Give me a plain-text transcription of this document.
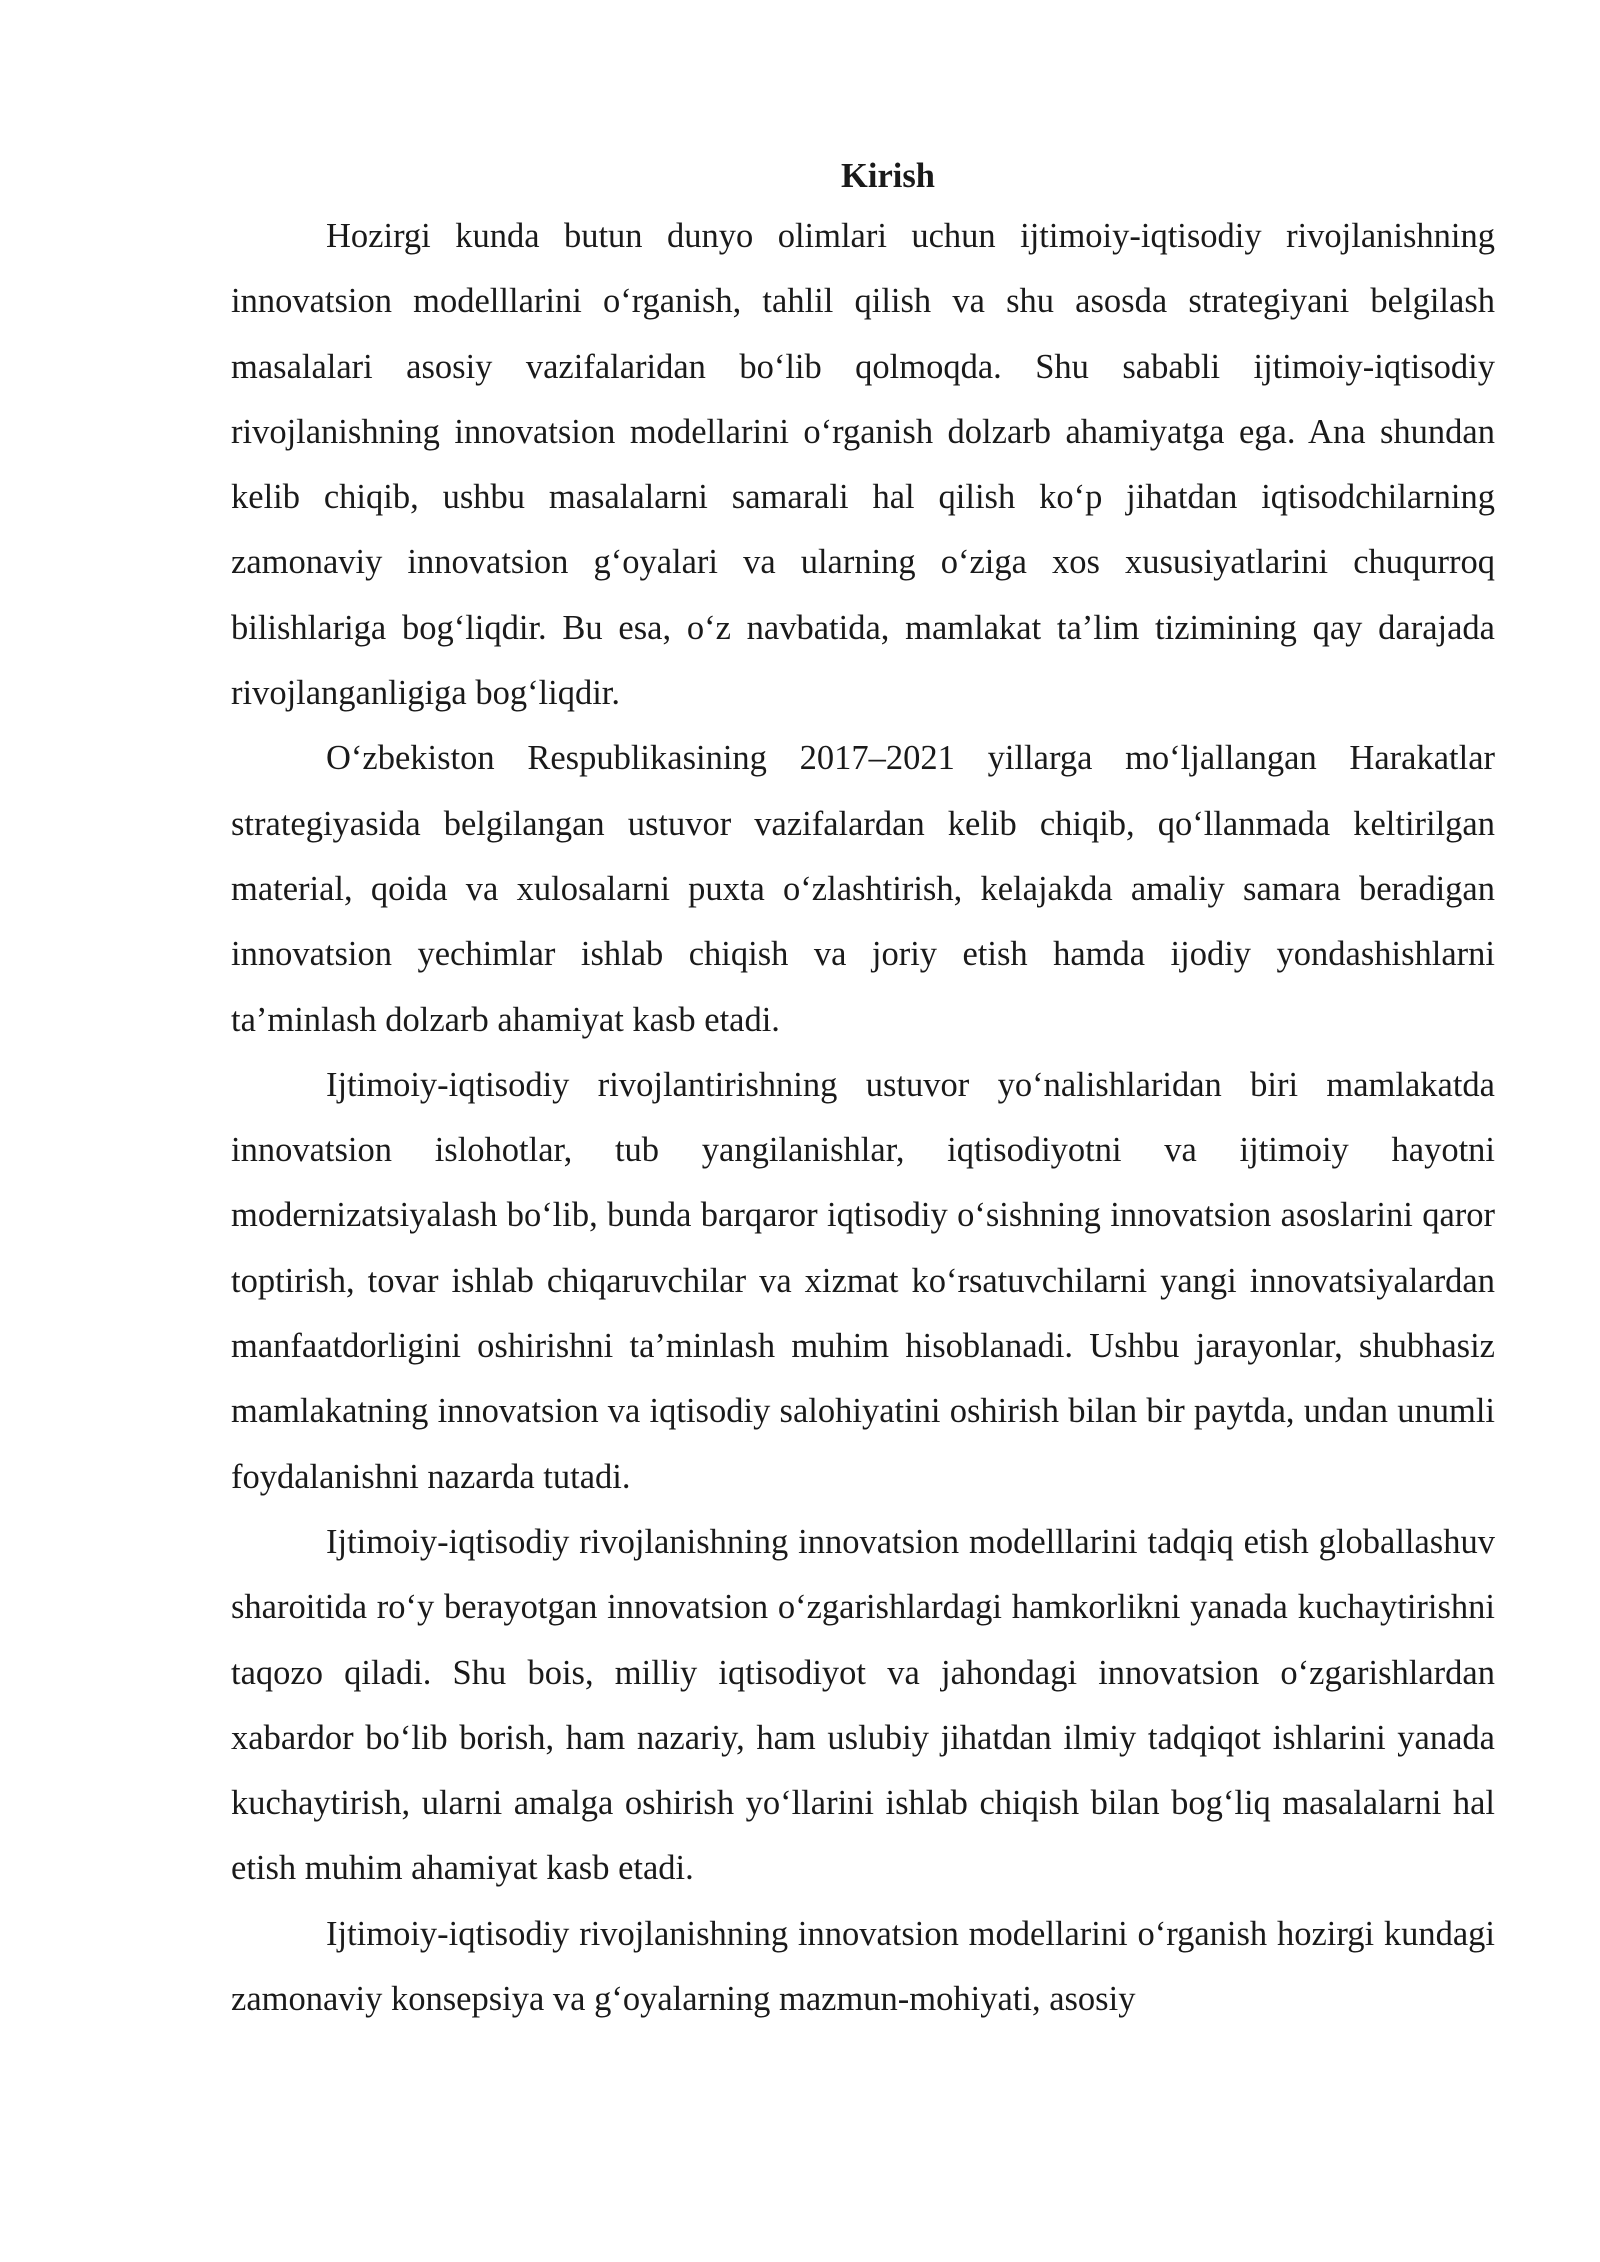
Kirish

Hozirgi kunda butun dunyo olimlari uchun ijtimoiy-iqtisodiy rivojlanishning innovatsion modelllarini o‘rganish, tahlil qilish va shu asosda strategiyani belgilash masalalari asosiy vazifalaridan bo‘lib qolmoqda. Shu sababli ijtimoiy-iqtisodiy rivojlanishning innovatsion modellarini o‘rganish dolzarb ahamiyatga ega. Ana shundan kelib chiqib, ushbu masalalarni samarali hal qilish ko‘p jihatdan iqtisodchilarning zamonaviy innovatsion g‘oyalari va ularning o‘ziga xos xususiyatlarini chuqurroq bilishlariga bog‘liqdir. Bu esa, o‘z navbatida, mamlakat ta’lim tizimining qay darajada rivojlanganligiga bog‘liqdir.

O‘zbekiston Respublikasining 2017–2021 yillarga mo‘ljallangan Harakatlar strategiyasida belgilangan ustuvor vazifalardan kelib chiqib, qo‘llanmada keltirilgan material, qoida va xulosalarni puxta o‘zlashtirish, kelajakda amaliy samara beradigan innovatsion yechimlar ishlab chiqish va joriy etish hamda ijodiy yondashishlarni ta’minlash dolzarb ahamiyat kasb etadi.

Ijtimoiy-iqtisodiy rivojlantirishning ustuvor yo‘nalishlaridan biri mamlakatda innovatsion islohotlar, tub yangilanishlar, iqtisodiyotni va ijtimoiy hayotni modernizatsiyalash bo‘lib, bunda barqaror iqtisodiy o‘sishning innovatsion asoslarini qaror toptirish, tovar ishlab chiqaruvchilar va xizmat ko‘rsatuvchilarni yangi innovatsiyalardan manfaatdorligini oshirishni ta’minlash muhim hisoblanadi. Ushbu jarayonlar, shubhasiz mamlakatning innovatsion va iqtisodiy salohiyatini oshirish bilan bir paytda, undan unumli foydalanishni nazarda tutadi.

Ijtimoiy-iqtisodiy rivojlanishning innovatsion modelllarini tadqiq etish globallashuv sharoitida ro‘y berayotgan innovatsion o‘zgarishlardagi hamkorlikni yanada kuchaytirishni taqozo qiladi. Shu bois, milliy iqtisodiyot va jahondagi innovatsion o‘zgarishlardan xabardor bo‘lib borish, ham nazariy, ham uslubiy jihatdan ilmiy tadqiqot ishlarini yanada kuchaytirish, ularni amalga oshirish yo‘llarini ishlab chiqish bilan bog‘liq masalalarni hal etish muhim ahamiyat kasb etadi.

Ijtimoiy-iqtisodiy rivojlanishning innovatsion modellarini o‘rganish hozirgi kundagi zamonaviy konsepsiya va g‘oyalarning mazmun-mohiyati, asosiy
